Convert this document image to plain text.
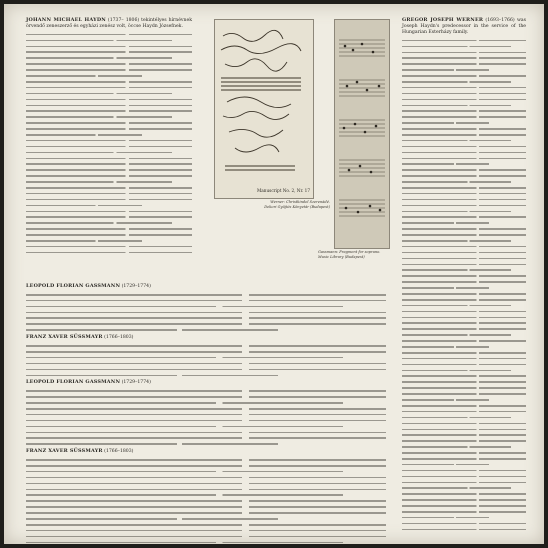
JOHANN MICHAEL HAYDN (1737– 1806) tekintélyes hírnévnek örvendő zeneszerző és egyházi zenész volt, öccse Haydn Józsefnek.

Manuscript No. 2, Nr. 17
Werner: Christkindel Szerenádé. Dekori Gyűjtés Könyvtár (Budapest)
Gassmann: Fragment for soprano. Music Library (Budapest)

GREGOR JOSEPH WERNER (1693–1766) was Joseph Haydn's predecessor in the service of the Hungarian Esterházy family.

LEOPOLD FLORIAN GASSMANN (1729–1774)

FRANZ XAVER SÜSSMAYR (1766–1803)

LEOPOLD FLORIAN GASSMANN (1729–1774)

FRANZ XAVER SÜSSMAYR (1766–1803)
